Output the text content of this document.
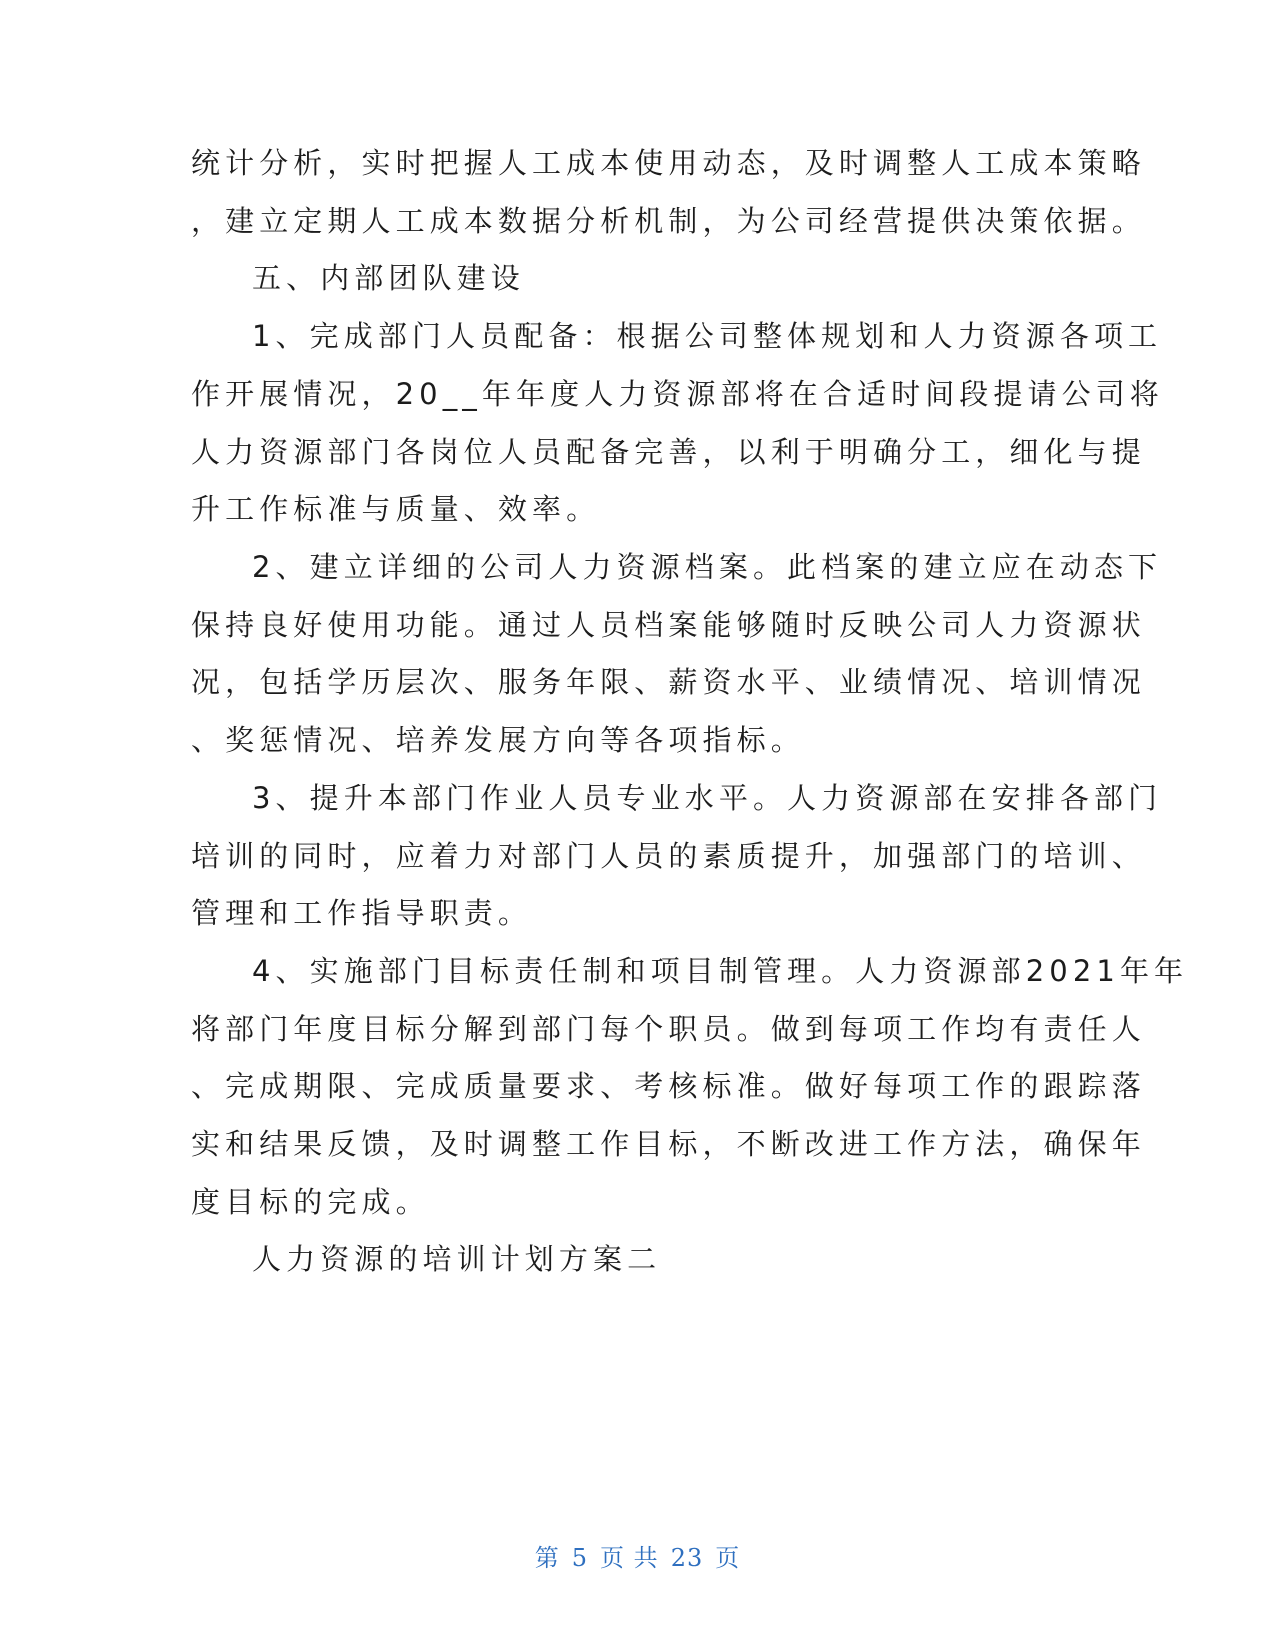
统计分析，实时把握人工成本使用动态，及时调整人工成本策略
，建立定期人工成本数据分析机制，为公司经营提供决策依据。
五、内部团队建设
1、完成部门人员配备：根据公司整体规划和人力资源各项工
作开展情况，20__年年度人力资源部将在合适时间段提请公司将
人力资源部门各岗位人员配备完善，以利于明确分工，细化与提
升工作标准与质量、效率。
2、建立详细的公司人力资源档案。此档案的建立应在动态下
保持良好使用功能。通过人员档案能够随时反映公司人力资源状
况，包括学历层次、服务年限、薪资水平、业绩情况、培训情况
、奖惩情况、培养发展方向等各项指标。
3、提升本部门作业人员专业水平。人力资源部在安排各部门
培训的同时，应着力对部门人员的素质提升，加强部门的培训、
管理和工作指导职责。
4、实施部门目标责任制和项目制管理。人力资源部2021年年
将部门年度目标分解到部门每个职员。做到每项工作均有责任人
、完成期限、完成质量要求、考核标准。做好每项工作的跟踪落
实和结果反馈，及时调整工作目标，不断改进工作方法，确保年
度目标的完成。
人力资源的培训计划方案二
第 5 页 共 23 页
